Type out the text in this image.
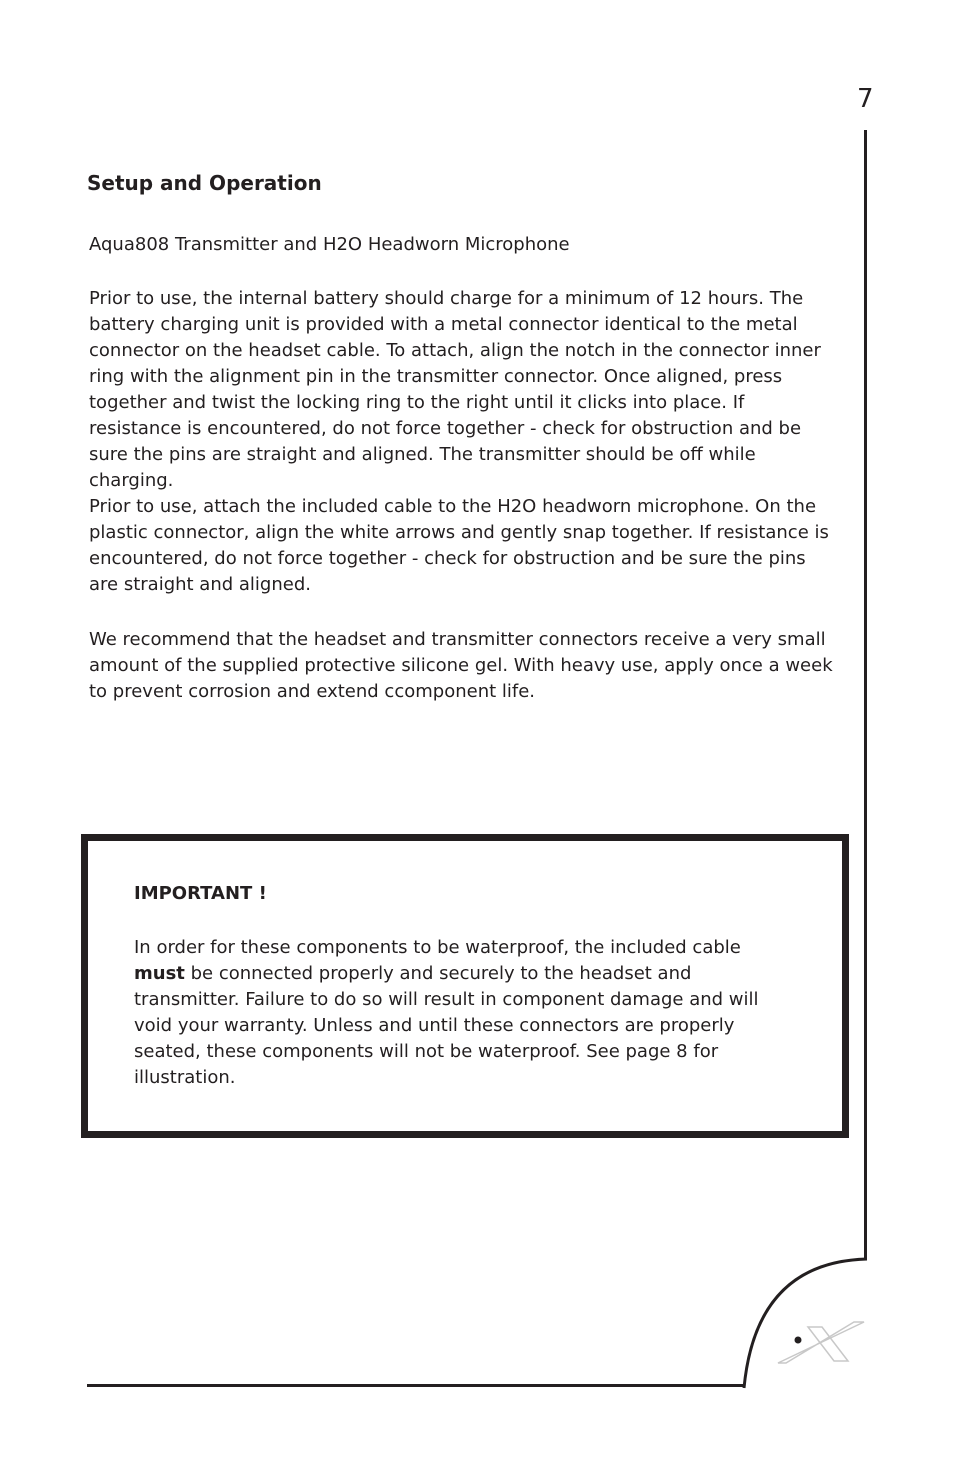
7
Setup and Operation
Aqua808 Transmitter and H2O Headworn Microphone

Prior to use, the internal battery should charge for a minimum of 12 hours. The battery charging unit is provided with a metal connector identical to the metal connector on the headset cable. To attach, align the notch in the connector inner ring with the alignment pin in the transmitter connector. Once aligned, press together and twist the locking ring to the right until it clicks into place. If resistance is encountered, do not force together - check for obstruction and be sure the pins are straight and aligned. The transmitter should be off while charging.

Prior to use, attach the included cable to the H2O headworn microphone. On the plastic connector, align the white arrows and gently snap together. If resistance is encountered, do not force together - check for obstruction and be sure the pins are straight and aligned.

We recommend that the headset and transmitter connectors receive a very small amount of the supplied protective silicone gel. With heavy use, apply once a week to prevent corrosion and extend ccomponent life.

IMPORTANT !

In order for these components to be waterproof, the included cable must be connected properly and securely to the headset and transmitter. Failure to do so will result in component damage and will void your warranty. Unless and until these connectors are properly seated, these components will not be waterproof. See page 8 for illustration.
